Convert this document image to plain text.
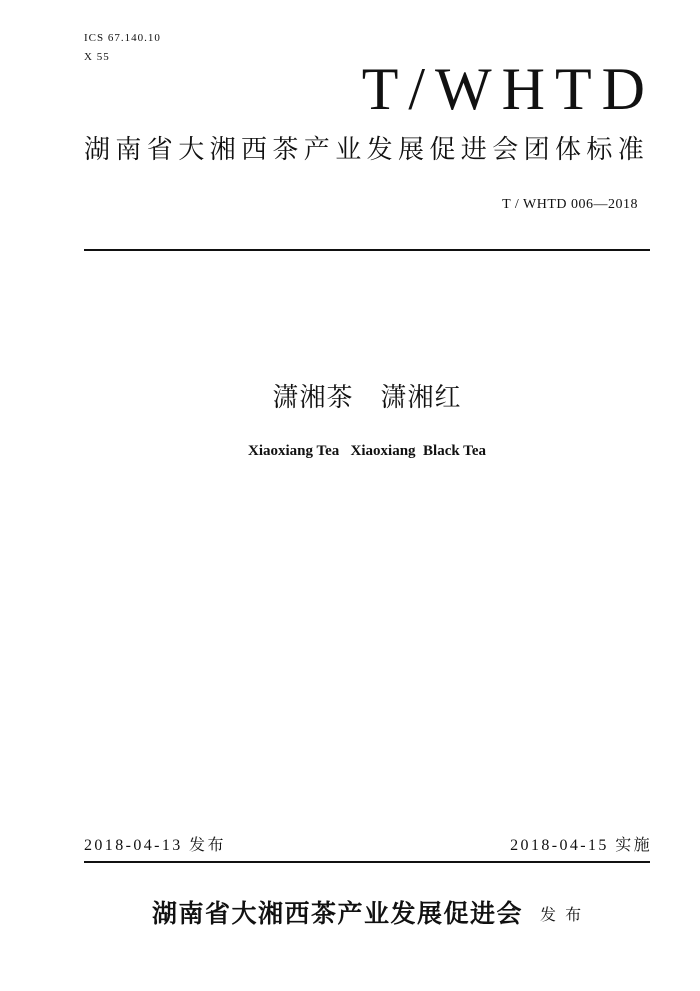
ICS 67.140.10
X 55	T/WHTD
湖南省大湘西茶产业发展促进会团体标准
T / WHTD 006—2018
潇湘茶　潇湘红
Xiaoxiang Tea   Xiaoxiang  Black Tea
2018-04-13 发布	2018-04-15 实施
湖南省大湘西茶产业发展促进会 发 布
